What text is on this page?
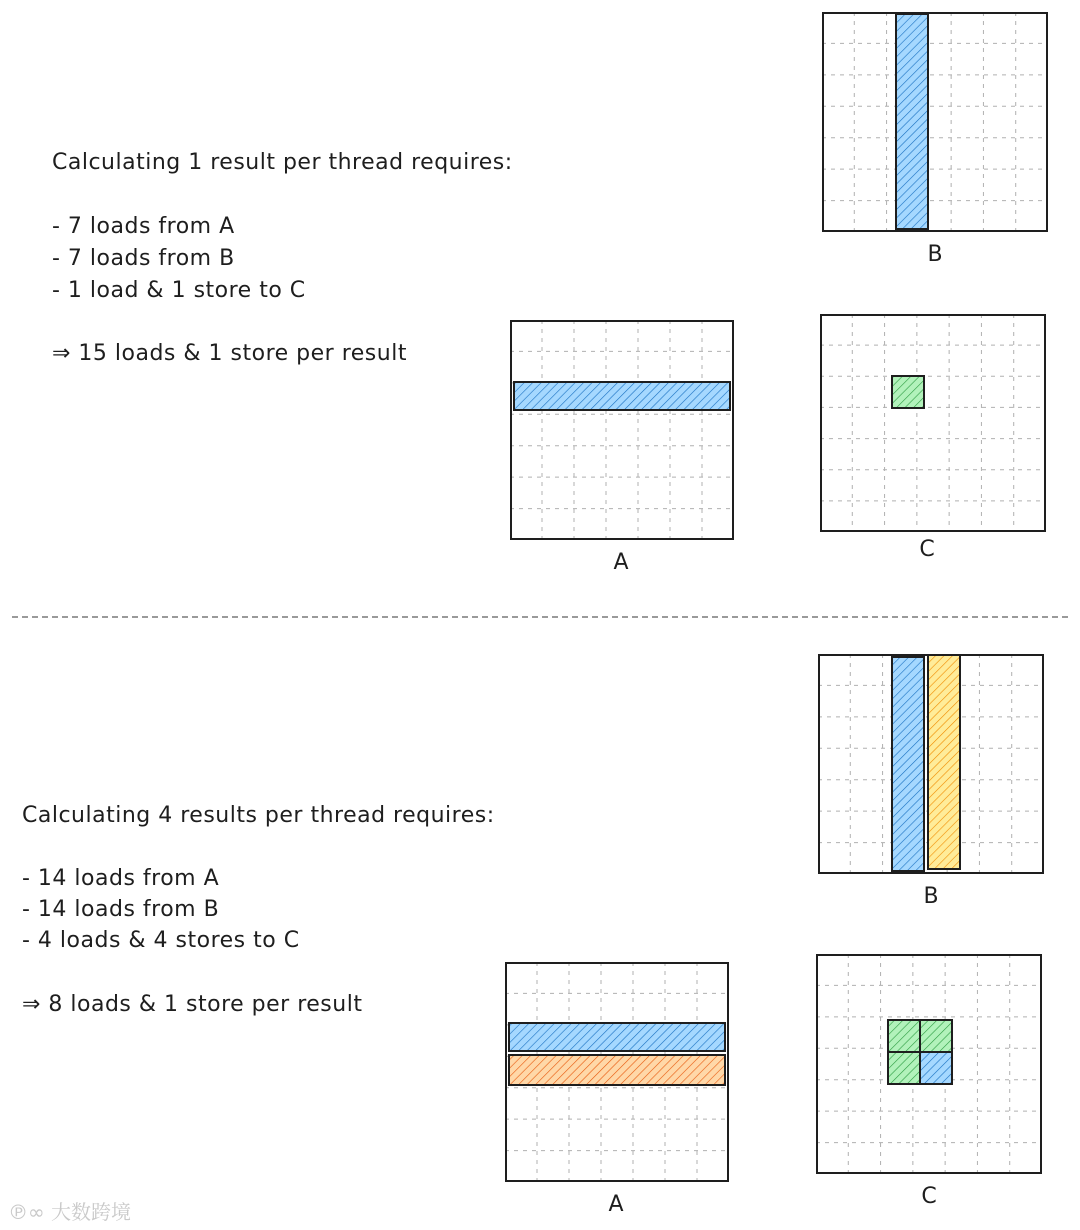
Calculating 1 result per thread requires:
- 7 loads from A
- 7 loads from B
- 1 load & 1 store to C
⇒ 15 loads & 1 store per result
B
A
C
Calculating 4 results per thread requires:
- 14 loads from A
- 14 loads from B
- 4 loads & 4 stores to C
⇒ 8 loads & 1 store per result
B
A	C
℗∞ 大数跨境
